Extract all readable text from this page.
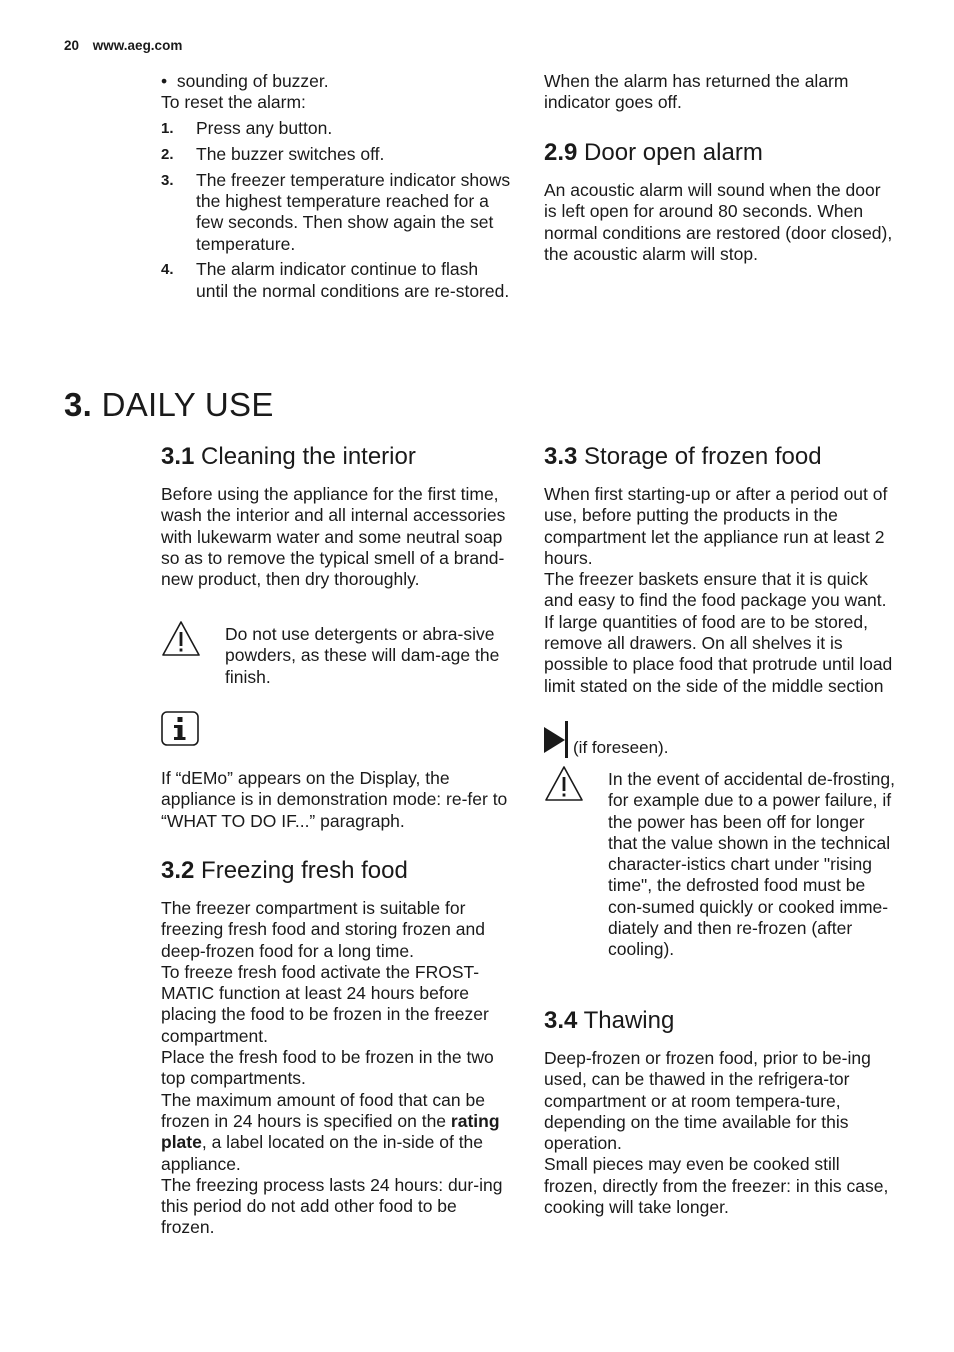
20 www.aeg.com

•  sounding of buzzer.

To reset the alarm:

1. Press any button.
2. The buzzer switches off.
3. The freezer temperature indicator shows the highest temperature reached for a few seconds. Then show again the set temperature.
4. The alarm indicator continue to flash until the normal conditions are re-stored.

When the alarm has returned the alarm indicator goes off.

2.9 Door open alarm

An acoustic alarm will sound when the door is left open for around 80 seconds. When normal conditions are restored (door closed), the acoustic alarm will stop.

3. DAILY USE
3.1 Cleaning the interior

Before using the appliance for the first time, wash the interior and all internal accessories with lukewarm water and some neutral soap so as to remove the typical smell of a brand-new product, then dry thoroughly.

Do not use detergents or abra-sive powders, as these will dam-age the finish.

If “dEMo” appears on the Display, the appliance is in demonstration mode: re-fer to “WHAT TO DO IF...” paragraph.

3.2 Freezing fresh food

The freezer compartment is suitable for freezing fresh food and storing frozen and deep-frozen food for a long time.

To freeze fresh food activate the FROST-MATIC function at least 24 hours before placing the food to be frozen in the freezer compartment.

Place the fresh food to be frozen in the two top compartments.

The maximum amount of food that can be frozen in 24 hours is specified on the rating plate, a label located on the in-side of the appliance.

The freezing process lasts 24 hours: dur-ing this period do not add other food to be frozen.

3.3 Storage of frozen food

When first starting-up or after a period out of use, before putting the products in the compartment let the appliance run at least 2 hours.

The freezer baskets ensure that it is quick and easy to find the food package you want. If large quantities of food are to be stored, remove all drawers. On all shelves it is possible to place food that protrude until load limit stated on the side of the middle section

(if foreseen).

In the event of accidental de-frosting, for example due to a power failure, if the power has been off for longer that the value shown in the technical character-istics chart under "rising time", the defrosted food must be con-sumed quickly or cooked imme-diately and then re-frozen (after cooling).

3.4 Thawing

Deep-frozen or frozen food, prior to be-ing used, can be thawed in the refrigera-tor compartment or at room tempera-ture, depending on the time available for this operation.

Small pieces may even be cooked still frozen, directly from the freezer: in this case, cooking will take longer.
